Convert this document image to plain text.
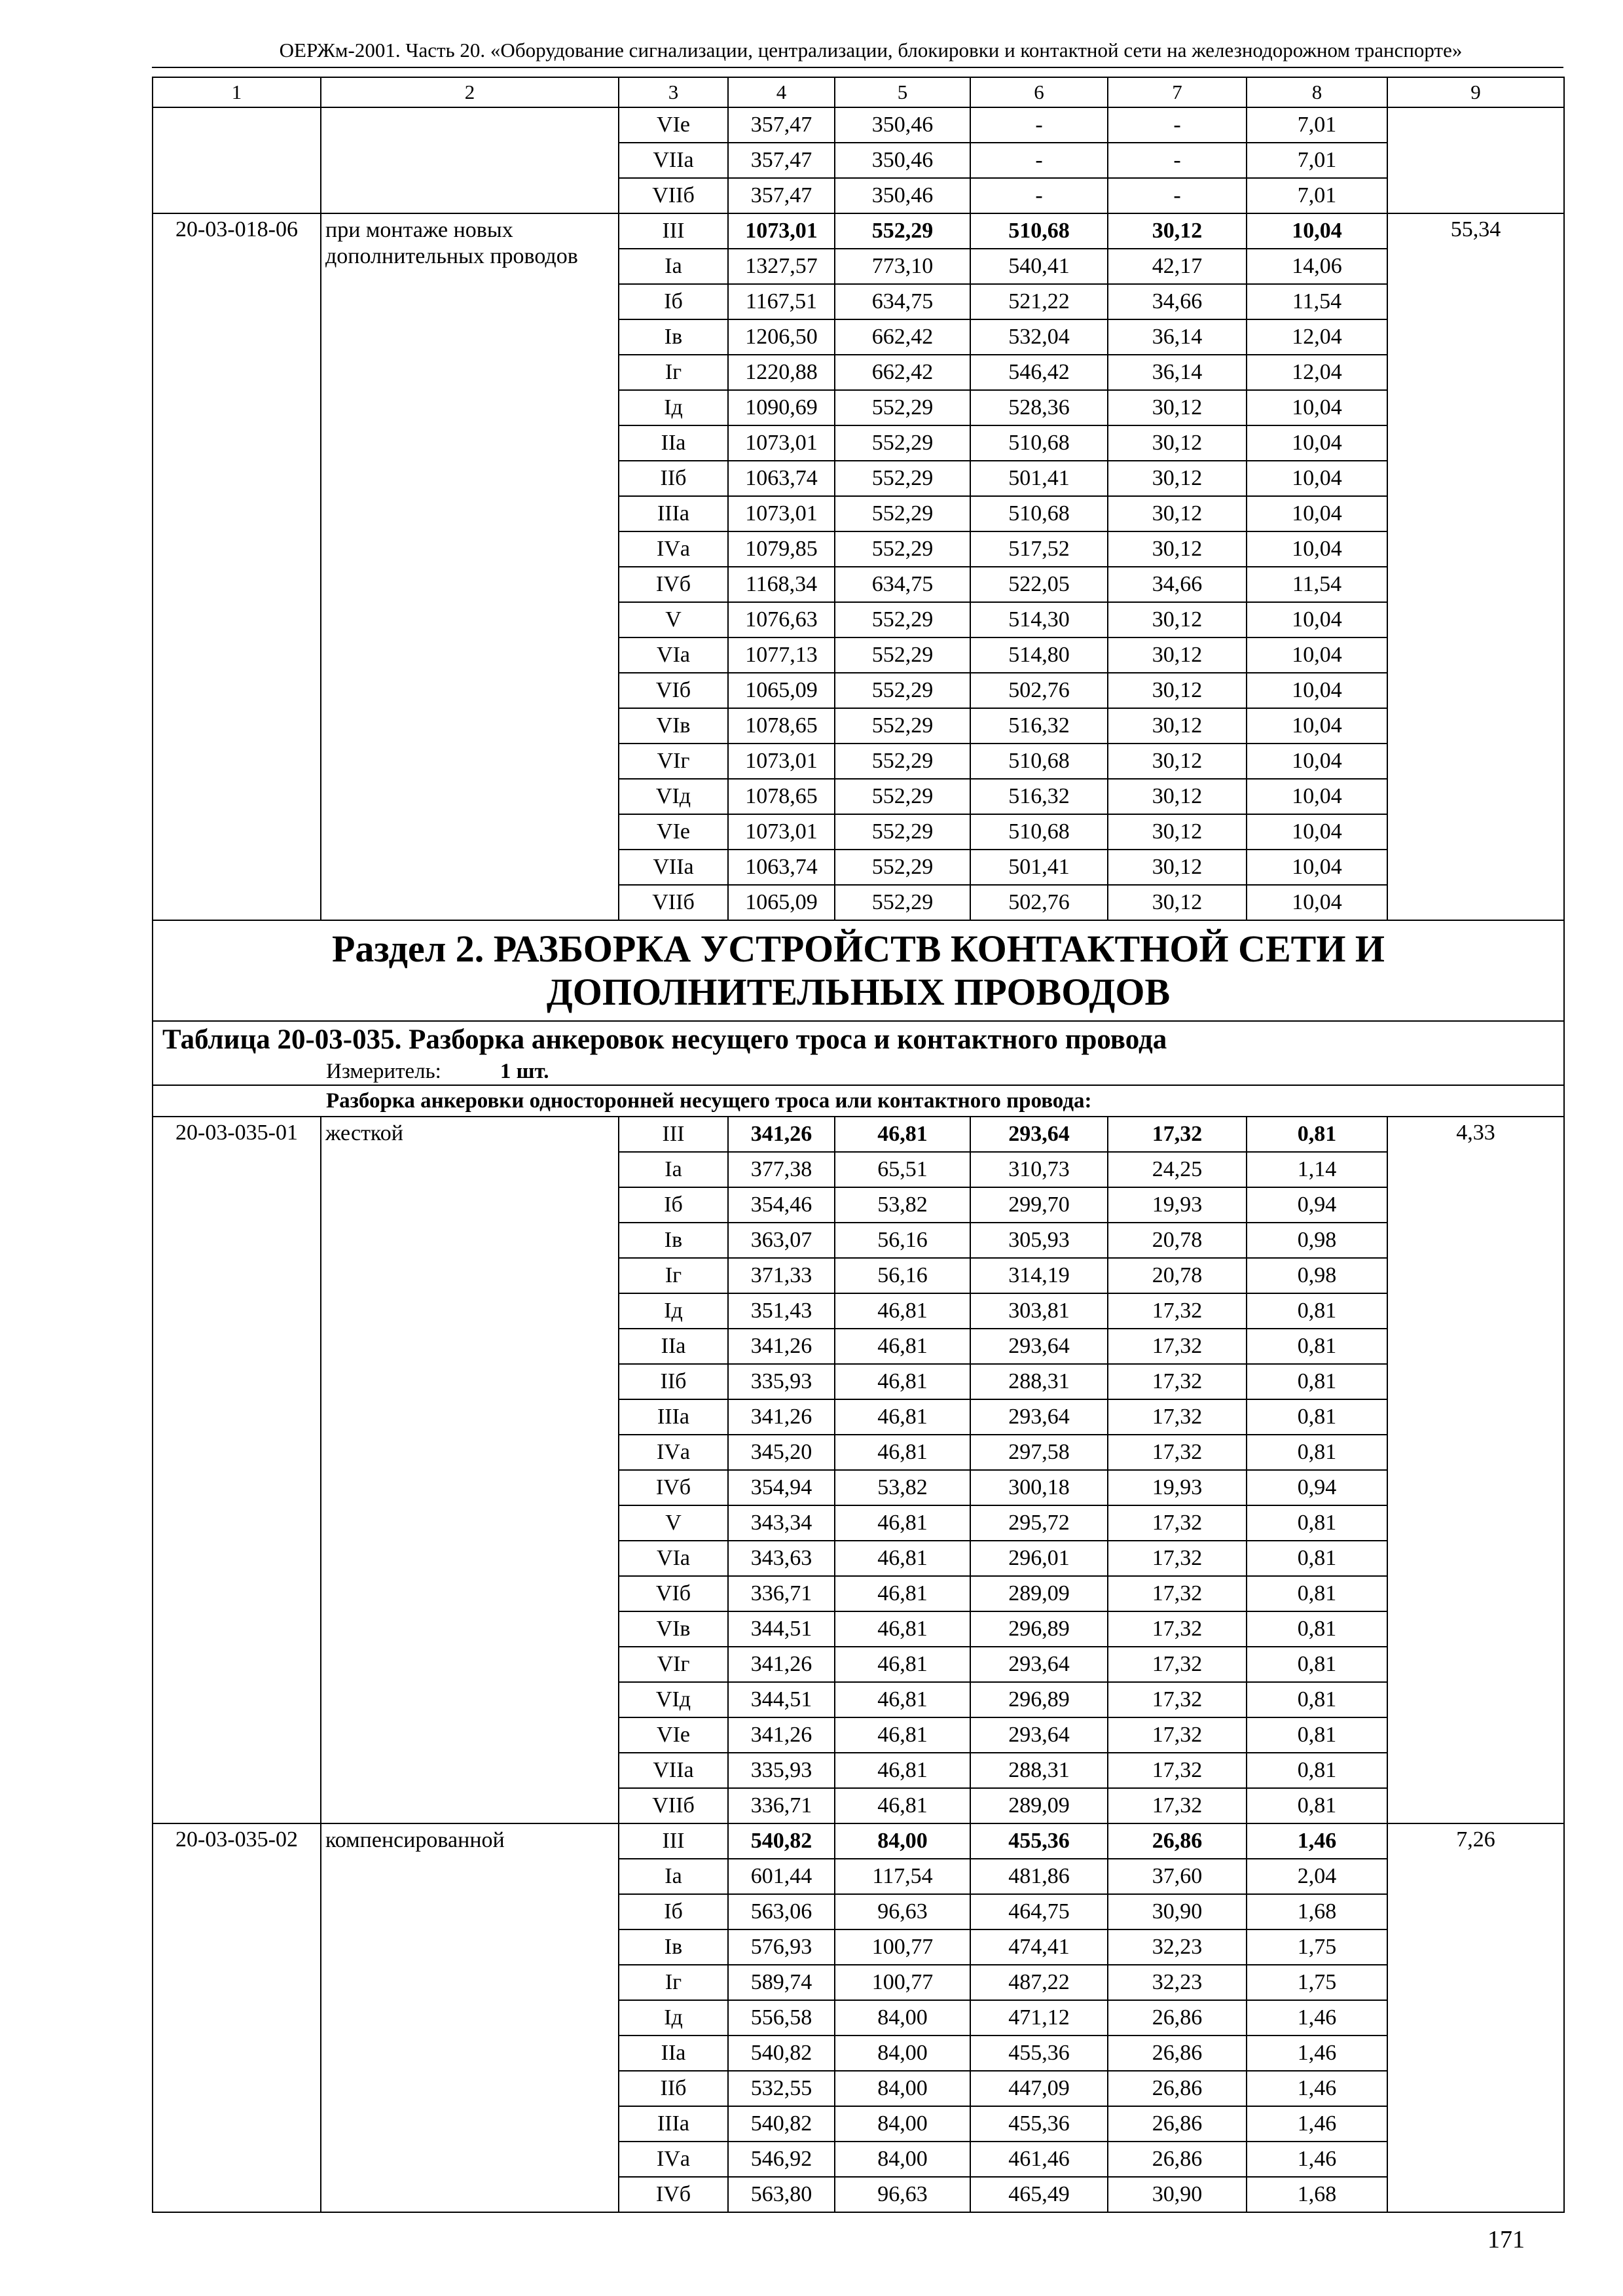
ОЕРЖм-2001. Часть 20. «Оборудование сигнализации, централизации, блокировки и контактной сети на железнодорожном транспорте»
1	2	3	4	5	6	7	8	9
		VIе	357,47	350,46	-	-	7,01	
		VIIа	357,47	350,46	-	-	7,01	
		VIIб	357,47	350,46	-	-	7,01	
20-03-018-06	при монтаже новых дополнительных проводов	III	1073,01	552,29	510,68	30,12	10,04	55,34
		Iа	1327,57	773,10	540,41	42,17	14,06	
		Iб	1167,51	634,75	521,22	34,66	11,54	
		Iв	1206,50	662,42	532,04	36,14	12,04	
		Iг	1220,88	662,42	546,42	36,14	12,04	
		Iд	1090,69	552,29	528,36	30,12	10,04	
		IIа	1073,01	552,29	510,68	30,12	10,04	
		IIб	1063,74	552,29	501,41	30,12	10,04	
		IIIа	1073,01	552,29	510,68	30,12	10,04	
		IVа	1079,85	552,29	517,52	30,12	10,04	
		IVб	1168,34	634,75	522,05	34,66	11,54	
		V	1076,63	552,29	514,30	30,12	10,04	
		VIа	1077,13	552,29	514,80	30,12	10,04	
		VIб	1065,09	552,29	502,76	30,12	10,04	
		VIв	1078,65	552,29	516,32	30,12	10,04	
		VIг	1073,01	552,29	510,68	30,12	10,04	
		VIд	1078,65	552,29	516,32	30,12	10,04	
		VIе	1073,01	552,29	510,68	30,12	10,04	
		VIIа	1063,74	552,29	501,41	30,12	10,04	
		VIIб	1065,09	552,29	502,76	30,12	10,04	
Раздел 2. РАЗБОРКА УСТРОЙСТВ КОНТАКТНОЙ СЕТИ И ДОПОЛНИТЕЛЬНЫХ ПРОВОДОВ								
Таблица 20-03-035. Разборка анкеровок несущего троса и контактного провода								
Измеритель: 1 шт.								
Разборка анкеровки односторонней несущего троса или контактного провода:								
20-03-035-01	жесткой	III	341,26	46,81	293,64	17,32	0,81	4,33
		Iа	377,38	65,51	310,73	24,25	1,14	
		Iб	354,46	53,82	299,70	19,93	0,94	
		Iв	363,07	56,16	305,93	20,78	0,98	
		Iг	371,33	56,16	314,19	20,78	0,98	
		Iд	351,43	46,81	303,81	17,32	0,81	
		IIа	341,26	46,81	293,64	17,32	0,81	
		IIб	335,93	46,81	288,31	17,32	0,81	
		IIIа	341,26	46,81	293,64	17,32	0,81	
		IVа	345,20	46,81	297,58	17,32	0,81	
		IVб	354,94	53,82	300,18	19,93	0,94	
		V	343,34	46,81	295,72	17,32	0,81	
		VIа	343,63	46,81	296,01	17,32	0,81	
		VIб	336,71	46,81	289,09	17,32	0,81	
		VIв	344,51	46,81	296,89	17,32	0,81	
		VIг	341,26	46,81	293,64	17,32	0,81	
		VIд	344,51	46,81	296,89	17,32	0,81	
		VIе	341,26	46,81	293,64	17,32	0,81	
		VIIа	335,93	46,81	288,31	17,32	0,81	
		VIIб	336,71	46,81	289,09	17,32	0,81	
20-03-035-02	компенсированной	III	540,82	84,00	455,36	26,86	1,46	7,26
		Iа	601,44	117,54	481,86	37,60	2,04	
		Iб	563,06	96,63	464,75	30,90	1,68	
		Iв	576,93	100,77	474,41	32,23	1,75	
		Iг	589,74	100,77	487,22	32,23	1,75	
		Iд	556,58	84,00	471,12	26,86	1,46	
		IIа	540,82	84,00	455,36	26,86	1,46	
		IIб	532,55	84,00	447,09	26,86	1,46	
		IIIа	540,82	84,00	455,36	26,86	1,46	
		IVа	546,92	84,00	461,46	26,86	1,46	
		IVб	563,80	96,63	465,49	30,90	1,68	
171
